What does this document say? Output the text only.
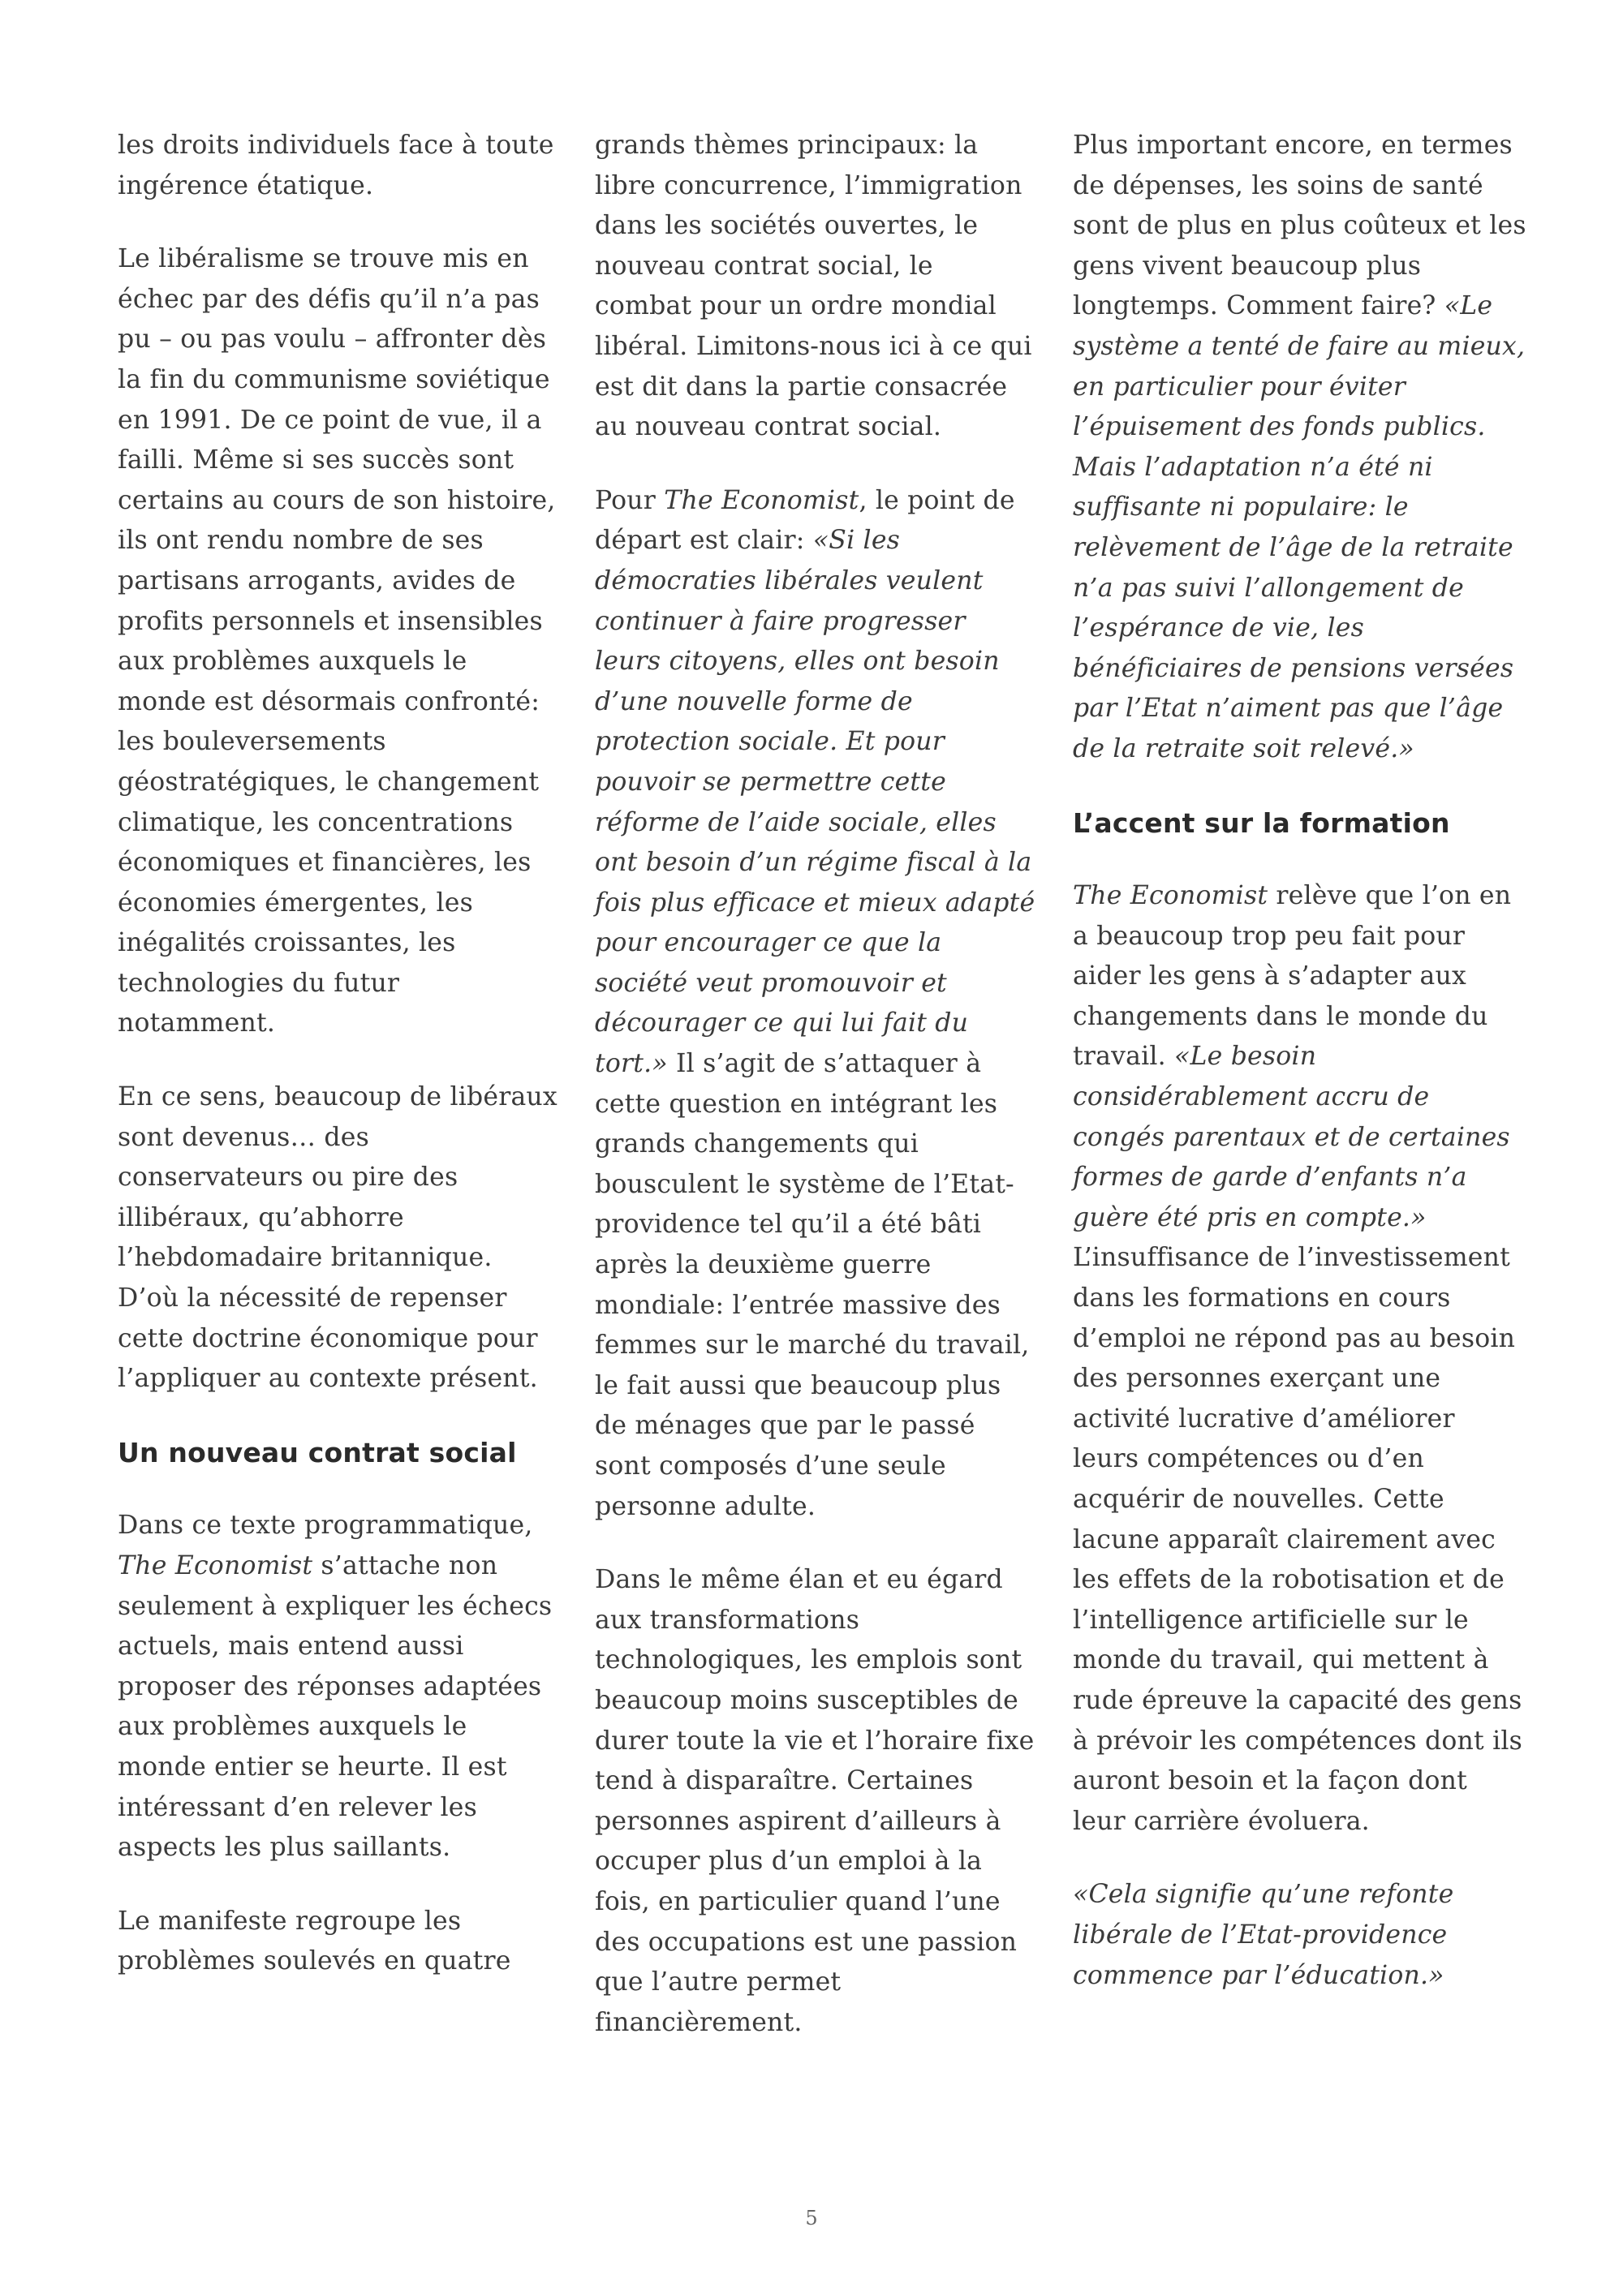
les droits individuels face à toute ingérence étatique.

Le libéralisme se trouve mis en échec par des défis qu’il n’a pas pu – ou pas voulu – affronter dès la fin du communisme soviétique en 1991. De ce point de vue, il a failli. Même si ses succès sont certains au cours de son histoire, ils ont rendu nombre de ses partisans arrogants, avides de profits personnels et insensibles aux problèmes auxquels le monde est désormais confronté: les bouleversements géostratégiques, le changement climatique, les concentrations économiques et financières, les économies émergentes, les inégalités croissantes, les technologies du futur notamment.

En ce sens, beaucoup de libéraux sont devenus… des conservateurs ou pire des illibéraux, qu’abhorre l’hebdomadaire britannique. D’où la nécessité de repenser cette doctrine économique pour l’appliquer au contexte présent.

Un nouveau contrat social

Dans ce texte programmatique, The Economist s’attache non seulement à expliquer les échecs actuels, mais entend aussi proposer des réponses adaptées aux problèmes auxquels le monde entier se heurte. Il est intéressant d’en relever les aspects les plus saillants.

Le manifeste regroupe les problèmes soulevés en quatre

grands thèmes principaux: la libre concurrence, l’immigration dans les sociétés ouvertes, le nouveau contrat social, le combat pour un ordre mondial libéral. Limitons-nous ici à ce qui est dit dans la partie consacrée au nouveau contrat social.

Pour The Economist, le point de départ est clair: «Si les démocraties libérales veulent continuer à faire progresser leurs citoyens, elles ont besoin d’une nouvelle forme de protection sociale. Et pour pouvoir se permettre cette réforme de l’aide sociale, elles ont besoin d’un régime fiscal à la fois plus efficace et mieux adapté pour encourager ce que la société veut promouvoir et décourager ce qui lui fait du tort.» Il s’agit de s’attaquer à cette question en intégrant les grands changements qui bousculent le système de l’Etat-providence tel qu’il a été bâti après la deuxième guerre mondiale: l’entrée massive des femmes sur le marché du travail, le fait aussi que beaucoup plus de ménages que par le passé sont composés d’une seule personne adulte.

Dans le même élan et eu égard aux transformations technologiques, les emplois sont beaucoup moins susceptibles de durer toute la vie et l’horaire fixe tend à disparaître. Certaines personnes aspirent d’ailleurs à occuper plus d’un emploi à la fois, en particulier quand l’une des occupations est une passion que l’autre permet financièrement.

Plus important encore, en termes de dépenses, les soins de santé sont de plus en plus coûteux et les gens vivent beaucoup plus longtemps. Comment faire? «Le système a tenté de faire au mieux, en particulier pour éviter l’épuisement des fonds publics. Mais l’adaptation n’a été ni suffisante ni populaire: le relèvement de l’âge de la retraite n’a pas suivi l’allongement de l’espérance de vie, les bénéficiaires de pensions versées par l’Etat n’aiment pas que l’âge de la retraite soit relevé.»

L’accent sur la formation

The Economist relève que l’on en a beaucoup trop peu fait pour aider les gens à s’adapter aux changements dans le monde du travail. «Le besoin considérablement accru de congés parentaux et de certaines formes de garde d’enfants n’a guère été pris en compte.» L’insuffisance de l’investissement dans les formations en cours d’emploi ne répond pas au besoin des personnes exerçant une activité lucrative d’améliorer leurs compétences ou d’en acquérir de nouvelles. Cette lacune apparaît clairement avec les effets de la robotisation et de l’intelligence artificielle sur le monde du travail, qui mettent à rude épreuve la capacité des gens à prévoir les compétences dont ils auront besoin et la façon dont leur carrière évoluera.

«Cela signifie qu’une refonte libérale de l’Etat-providence commence par l’éducation.»

5
